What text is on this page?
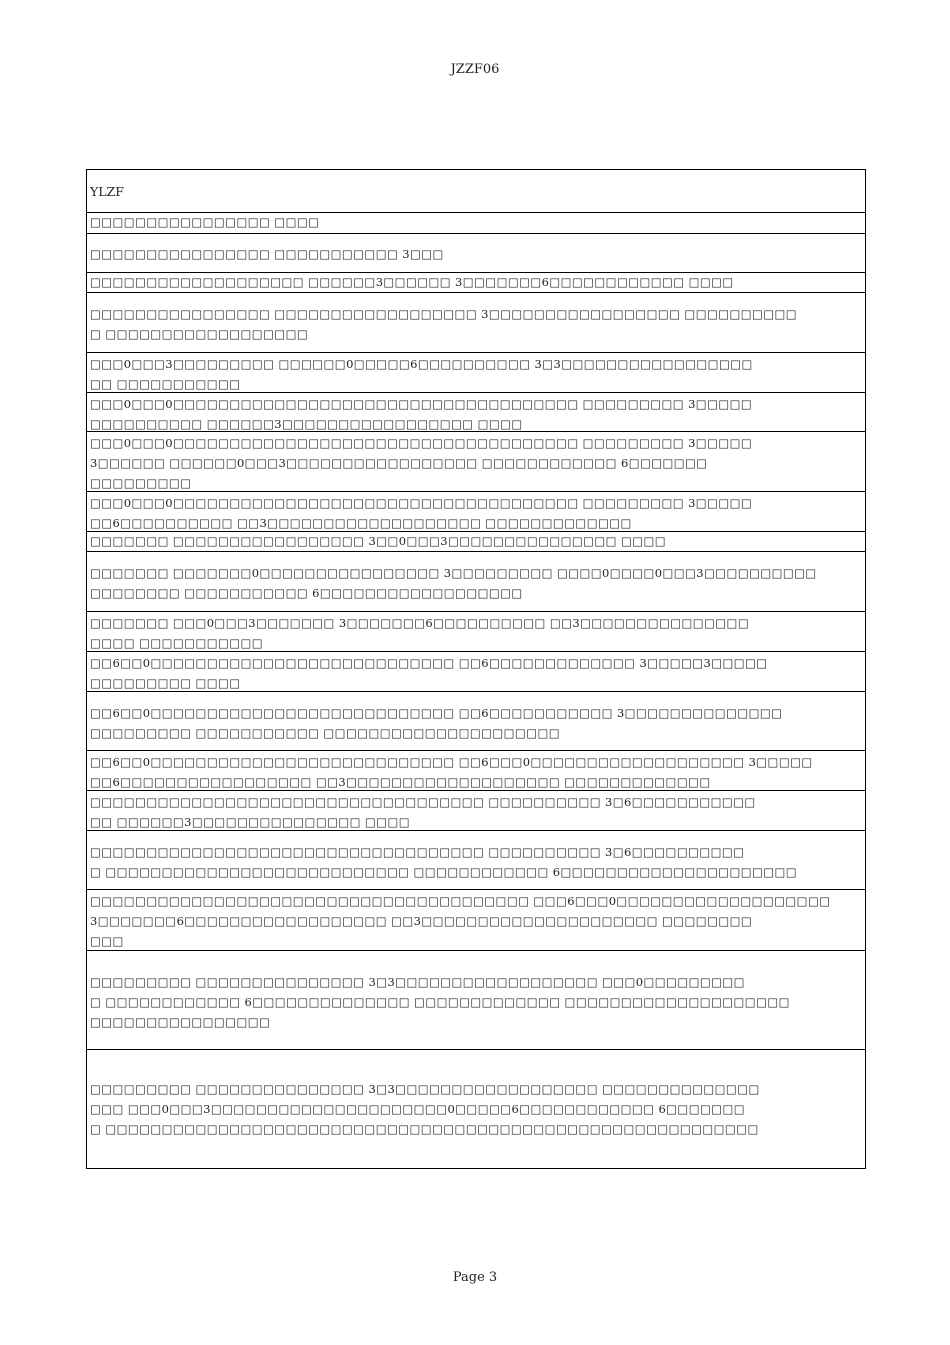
JZZF06
YLZF
□□□□□□□□□□□□□□□□ □□□□
□□□□□□□□□□□□□□□□ □□□□□□□□□□□ 3□□□
□□□□□□□□□□□□□□□□□□□ □□□□□□3□□□□□□ 3□□□□□□□6□□□□□□□□□□□□ □□□□
□□□□□□□□□□□□□□□□ □□□□□□□□□□□□□□□□□□ 3□□□□□□□□□□□□□□□□□ □□□□□□□□□□
□ □□□□□□□□□□□□□□□□□□
□□□0□□□3□□□□□□□□□ □□□□□□0□□□□□6□□□□□□□□□□ 3□3□□□□□□□□□□□□□□□□□
□□ □□□□□□□□□□□
□□□0□□□0□□□□□□□□□□□□□□□□□□□□□□□□□□□□□□□□□□□□ □□□□□□□□□ 3□□□□□
□□□□□□□□□□ □□□□□□3□□□□□□□□□□□□□□□□□ □□□□
□□□0□□□0□□□□□□□□□□□□□□□□□□□□□□□□□□□□□□□□□□□□ □□□□□□□□□ 3□□□□□
3□□□□□□ □□□□□□0□□□3□□□□□□□□□□□□□□□□□ □□□□□□□□□□□□ 6□□□□□□□
□□□□□□□□□
□□□0□□□0□□□□□□□□□□□□□□□□□□□□□□□□□□□□□□□□□□□□ □□□□□□□□□ 3□□□□□
□□6□□□□□□□□□□ □□3□□□□□□□□□□□□□□□□□□□ □□□□□□□□□□□□□
□□□□□□□ □□□□□□□□□□□□□□□□□ 3□□0□□□3□□□□□□□□□□□□□□□ □□□□
□□□□□□□ □□□□□□□0□□□□□□□□□□□□□□□□ 3□□□□□□□□□ □□□□0□□□□0□□□3□□□□□□□□□□
□□□□□□□□ □□□□□□□□□□□ 6□□□□□□□□□□□□□□□□□□
□□□□□□□ □□□0□□□3□□□□□□□ 3□□□□□□□6□□□□□□□□□□ □□3□□□□□□□□□□□□□□□
□□□□ □□□□□□□□□□□
□□6□□0□□□□□□□□□□□□□□□□□□□□□□□□□□□ □□6□□□□□□□□□□□□□ 3□□□□□3□□□□□
□□□□□□□□□ □□□□
□□6□□0□□□□□□□□□□□□□□□□□□□□□□□□□□□ □□6□□□□□□□□□□□ 3□□□□□□□□□□□□□□
□□□□□□□□□ □□□□□□□□□□□ □□□□□□□□□□□□□□□□□□□□□
□□6□□0□□□□□□□□□□□□□□□□□□□□□□□□□□□ □□6□□□0□□□□□□□□□□□□□□□□□□□ 3□□□□□
□□6□□□□□□□□□□□□□□□□□ □□3□□□□□□□□□□□□□□□□□□□ □□□□□□□□□□□□□
□□□□□□□□□□□□□□□□□□□□□□□□□□□□□□□□□□□ □□□□□□□□□□ 3□6□□□□□□□□□□□
□□ □□□□□□3□□□□□□□□□□□□□□□ □□□□
□□□□□□□□□□□□□□□□□□□□□□□□□□□□□□□□□□□ □□□□□□□□□□ 3□6□□□□□□□□□□
□ □□□□□□□□□□□□□□□□□□□□□□□□□□□ □□□□□□□□□□□□ 6□□□□□□□□□□□□□□□□□□□□□
□□□□□□□□□□□□□□□□□□□□□□□□□□□□□□□□□□□□□□□ □□□6□□□0□□□□□□□□□□□□□□□□□□□
3□□□□□□□6□□□□□□□□□□□□□□□□□□ □□3□□□□□□□□□□□□□□□□□□□□□ □□□□□□□□
□□□
□□□□□□□□□ □□□□□□□□□□□□□□□ 3□3□□□□□□□□□□□□□□□□□□ □□□0□□□□□□□□□
□ □□□□□□□□□□□□ 6□□□□□□□□□□□□□□ □□□□□□□□□□□□□ □□□□□□□□□□□□□□□□□□□□
□□□□□□□□□□□□□□□□
□□□□□□□□□ □□□□□□□□□□□□□□□ 3□3□□□□□□□□□□□□□□□□□□ □□□□□□□□□□□□□□
□□□ □□□0□□□3□□□□□□□□□□□□□□□□□□□□□0□□□□□6□□□□□□□□□□□□ 6□□□□□□□
□ □□□□□□□□□□□□□□□□□□□□□□□□□□□□□□□□□□□□□□□□□□□□□□□□□□□□□□□□□□
Page 3
